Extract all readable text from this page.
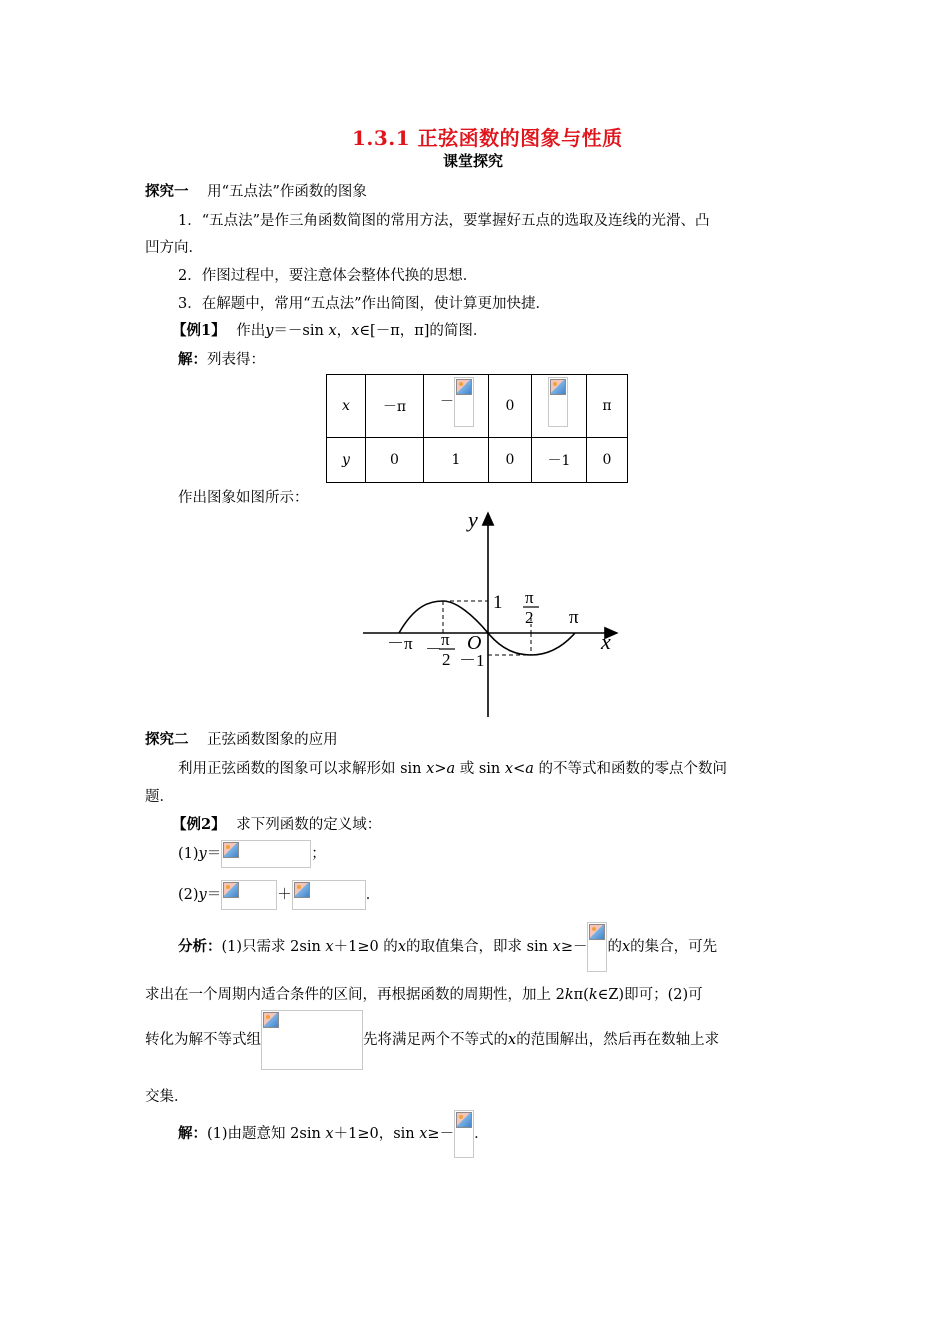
1.3.1 正弦函数的图象与性质
课堂探究
探究一 用“五点法”作函数的图象
1．“五点法”是作三角函数简图的常用方法，要掌握好五点的选取及连线的光滑、凸
凹方向．
2．作图过程中，要注意体会整体代换的思想．
3．在解题中，常用“五点法”作出简图，使计算更加快捷．
【例1】 作出y＝－sin x，x∈[－π，π]的简图．
解：列表得：
x	－π	－	0		π
y	0	1	0	－1	0
作出图象如图所示：
y
x
O
1
－1
π
－π
π
2
－
π
2
探究二 正弦函数图象的应用
利用正弦函数的图象可以求解形如 sin x>a 或 sin x<a 的不等式和函数的零点个数问
题．
【例2】 求下列函数的定义域：
(1)y＝	；
(2)y＝	＋	．
分析：(1)只需求 2sin x＋1≥0 的x的取值集合，即求 sin x≥－ 的x的集合，可先
求出在一个周期内适合条件的区间，再根据函数的周期性，加上 2kπ(k∈Z)即可；(2)可
转化为解不等式组	先将满足两个不等式的x的范围解出，然后再在数轴上求
交集．
解：(1)由题意知 2sin x＋1≥0，sin x≥－ ．
